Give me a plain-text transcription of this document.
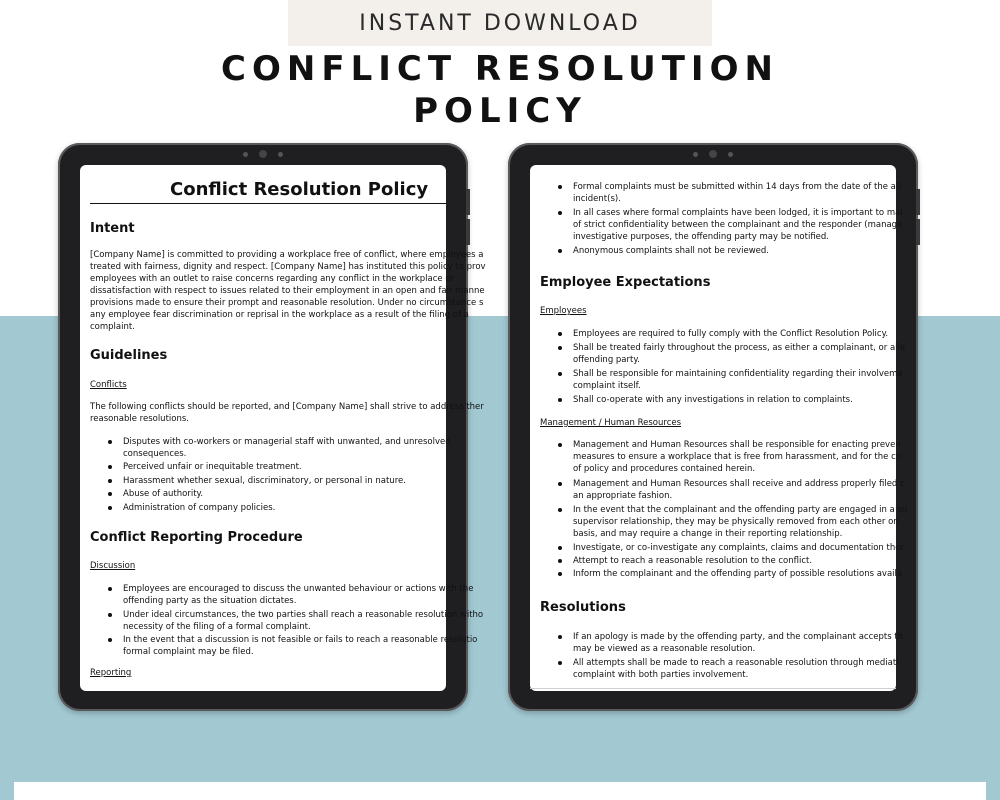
INSTANT DOWNLOAD
CONFLICT RESOLUTION
POLICY
Conflict Resolution Policy
Intent
[Company Name] is committed to providing a workplace free of conflict, where employees a
treated with fairness, dignity and respect. [Company Name] has instituted this policy to prov
employees with an outlet to raise concerns regarding any conflict in the workplace or
dissatisfaction with respect to issues related to their employment in an open and fair manne
provisions made to ensure their prompt and reasonable resolution. Under no circumstance s
any employee fear discrimination or reprisal in the workplace as a result of the filing of a
complaint.
Guidelines
Conflicts
The following conflicts should be reported, and [Company Name] shall strive to address ther
reasonable resolutions.
Disputes with co-workers or managerial staff with unwanted, and unresolved
consequences.
Perceived unfair or inequitable treatment.
Harassment whether sexual, discriminatory, or personal in nature.
Abuse of authority.
Administration of company policies.
Conflict Reporting Procedure
Discussion
Employees are encouraged to discuss the unwanted behaviour or actions with the
offending party as the situation dictates.
Under ideal circumstances, the two parties shall reach a reasonable resolution witho
necessity of the filing of a formal complaint.
In the event that a discussion is not feasible or fails to reach a reasonable resolutio
formal complaint may be filed.
Reporting
Formal complaints must be submitted within 14 days from the date of the all
incident(s).
In all cases where formal complaints have been lodged, it is important to mai
of strict confidentiality between the complainant and the responder (manage
investigative purposes, the offending party may be notified.
Anonymous complaints shall not be reviewed.
Employee Expectations
Employees
Employees are required to fully comply with the Conflict Resolution Policy.
Shall be treated fairly throughout the process, as either a complainant, or alle
offending party.
Shall be responsible for maintaining confidentiality regarding their involveme
complaint itself.
Shall co-operate with any investigations in relation to complaints.
Management / Human Resources
Management and Human Resources shall be responsible for enacting preven
measures to ensure a workplace that is free from harassment, and for the co
of policy and procedures contained herein.
Management and Human Resources shall receive and address properly filed c
an appropriate fashion.
In the event that the complainant and the offending party are engaged in a su
supervisor relationship, they may be physically removed from each other on
basis, and may require a change in their reporting relationship.
Investigate, or co-investigate any complaints, claims and documentation ther
Attempt to reach a reasonable resolution to the conflict.
Inform the complainant and the offending party of possible resolutions availa
Resolutions
If an apology is made by the offending party, and the complainant accepts th
may be viewed as a reasonable resolution.
All attempts shall be made to reach a reasonable resolution through mediati
complaint with both parties involvement.
